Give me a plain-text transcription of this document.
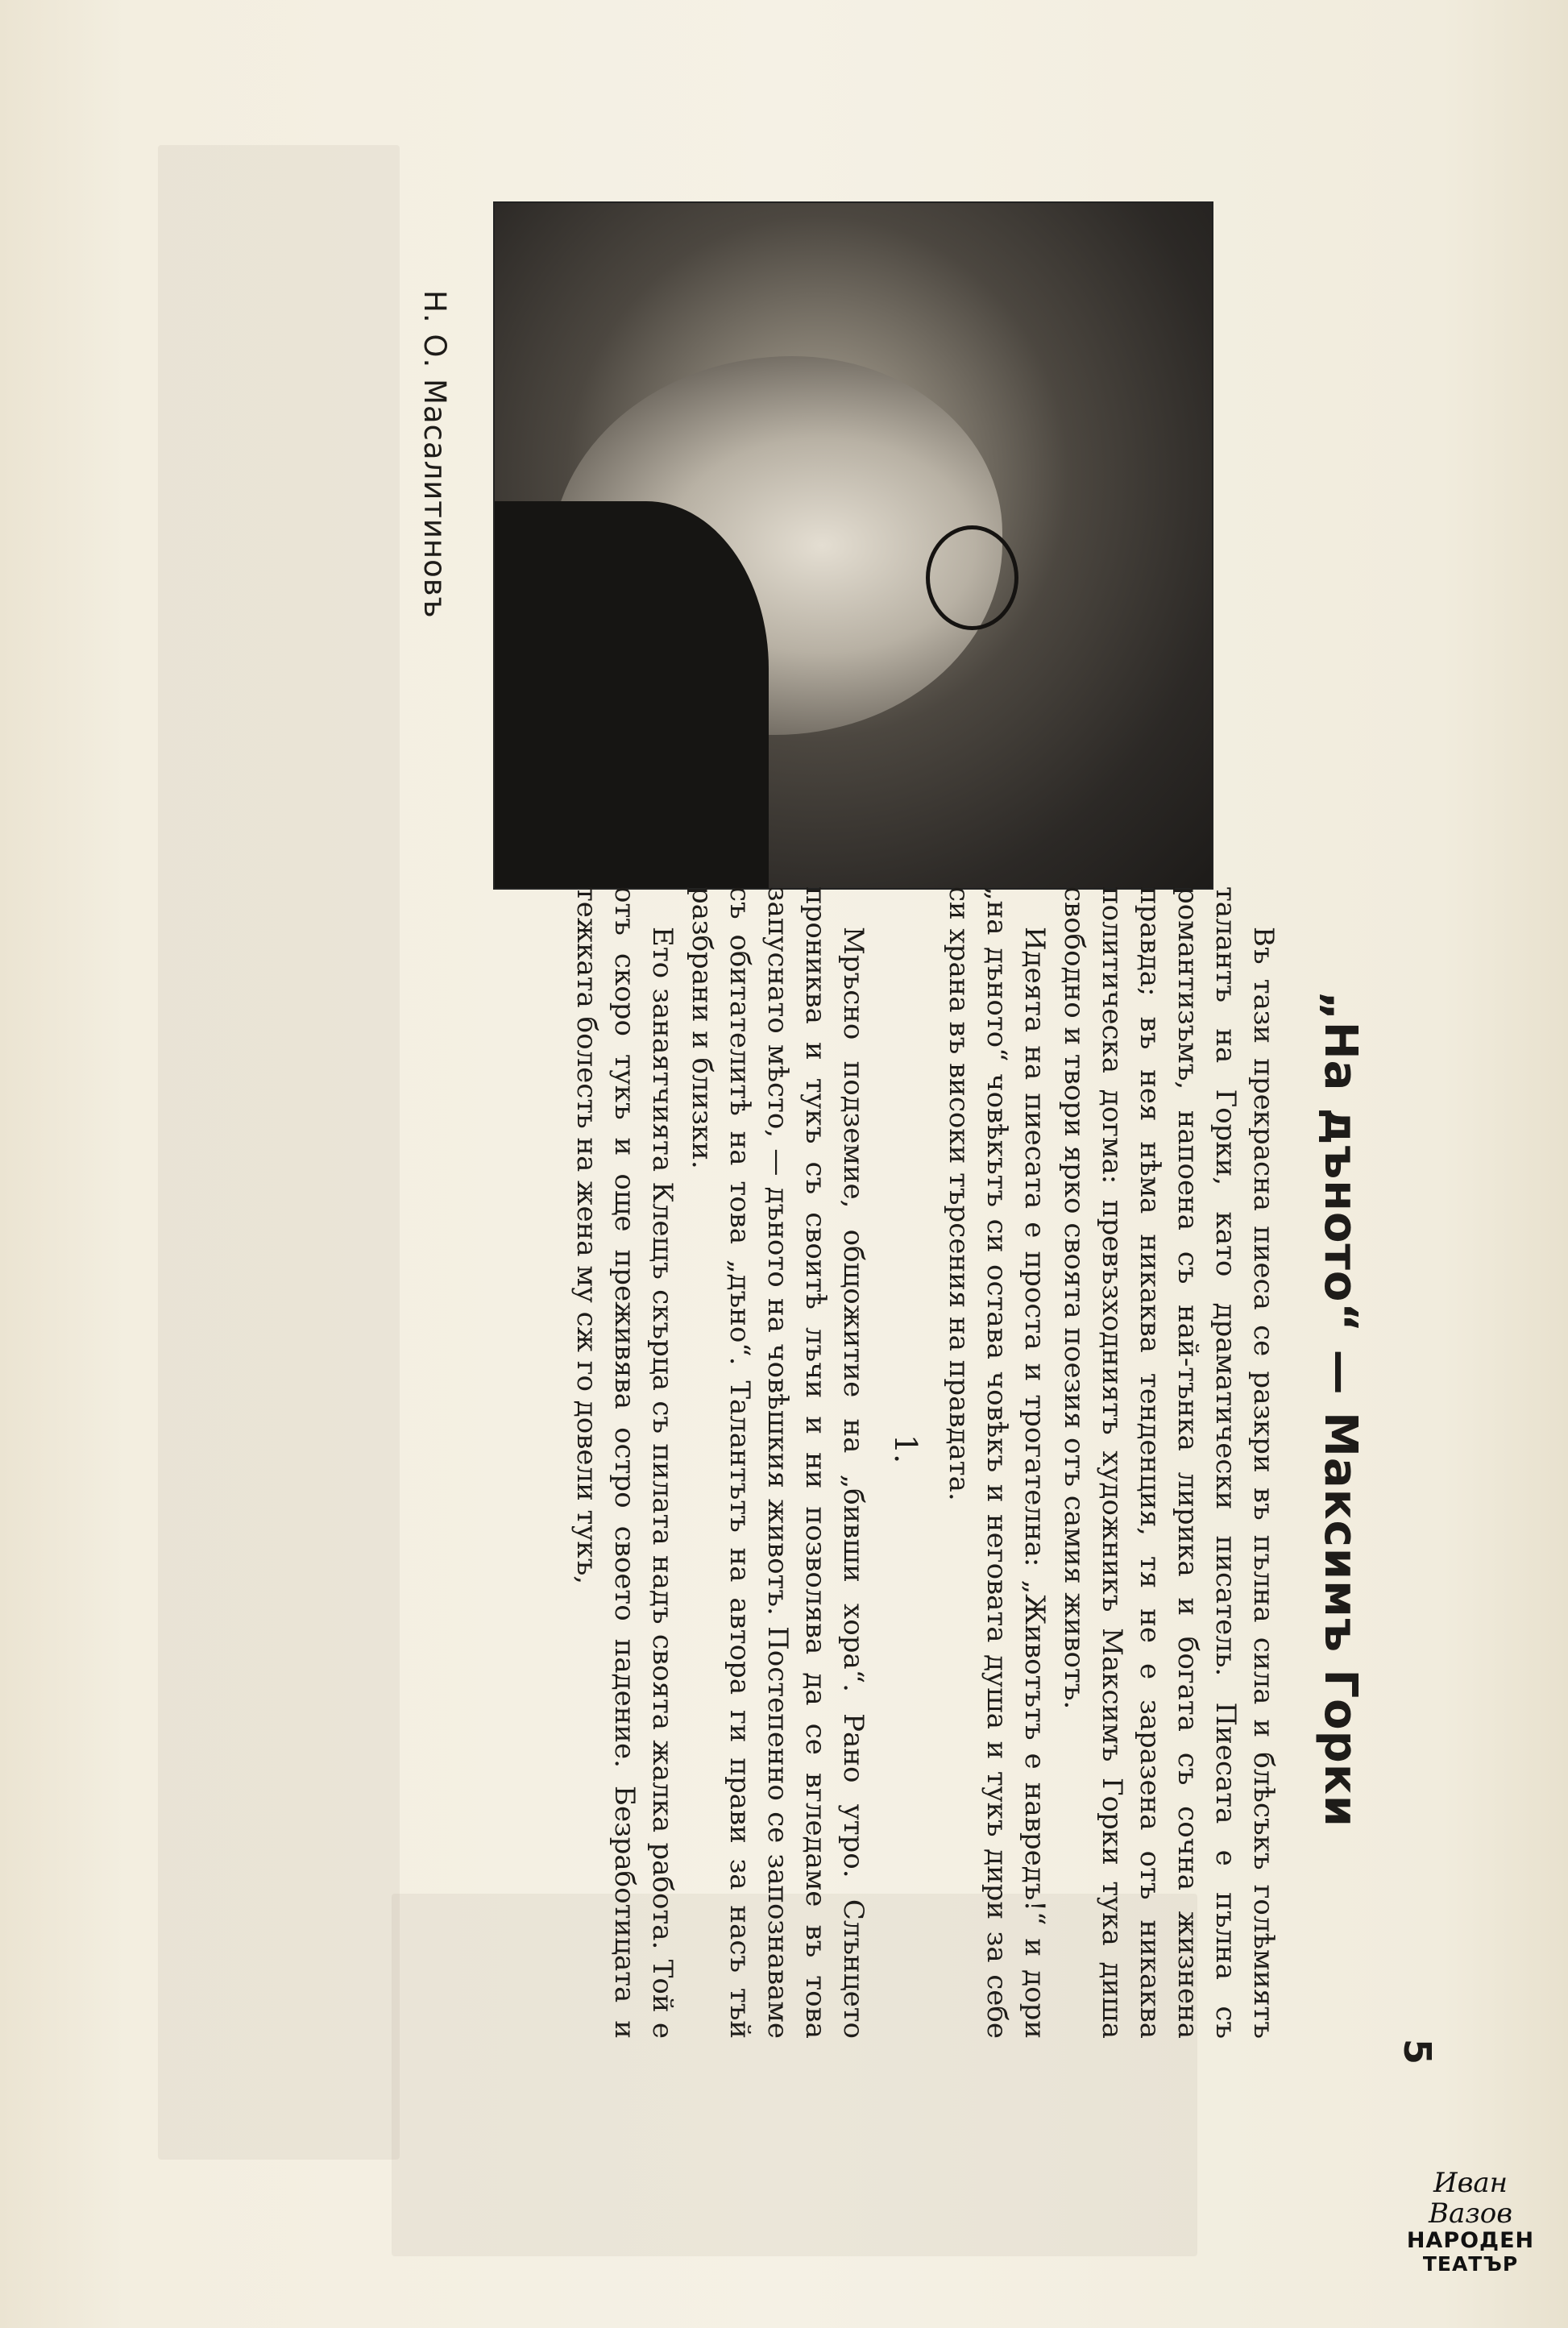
Н. О. Масалитиновъ
„На дъното“ — Максимъ Горки

Въ тази прекрасна пиеса се разкри въ пълна сила и блѣсъкъ голѣмиятъ талантъ на Горки, като драматически писатель. Пиесата е пълна съ романтизъмъ, напоена съ най-тънка лирика и богата съ сочна жизнена правда; въ нея нѣма никаква тенденция, тя не е заразена отъ никаква политическа догма: превъзходниятъ художникъ Максимъ Горки тука диша свободно и твори ярко своята поезия отъ самия животъ.

Идеята на пиесата е проста и трогателна: „Животътъ е навредъ!“ и дори „на дъното“ човѣкътъ си остава човѣкъ и неговата душа и тукъ дири за себе си храна въ високи търсения на правдата.

1.

Мръсно подземие, общожитие на „бивши хора“. Рано утро. Слънцето прониква и тукъ съ своитѣ лъчи и ни позволява да се вгледаме въ това запуснато мѣсто, — дъното на човѣшкия животъ. Постепенно се запознаваме съ обитателитѣ на това „дъно“. Талантътъ на автора ги прави за насъ тъй разбрани и близки.

Ето занаятчията Клещъ скърца съ пилата надъ своята жалка работа. Той е отъ скоро тукъ и още преживява остро своето падение. Безработицата и тежката болесть на жена му сж го довели тукъ,

5
Иван Вазов
НАРОДЕН
ТЕАТЪР
